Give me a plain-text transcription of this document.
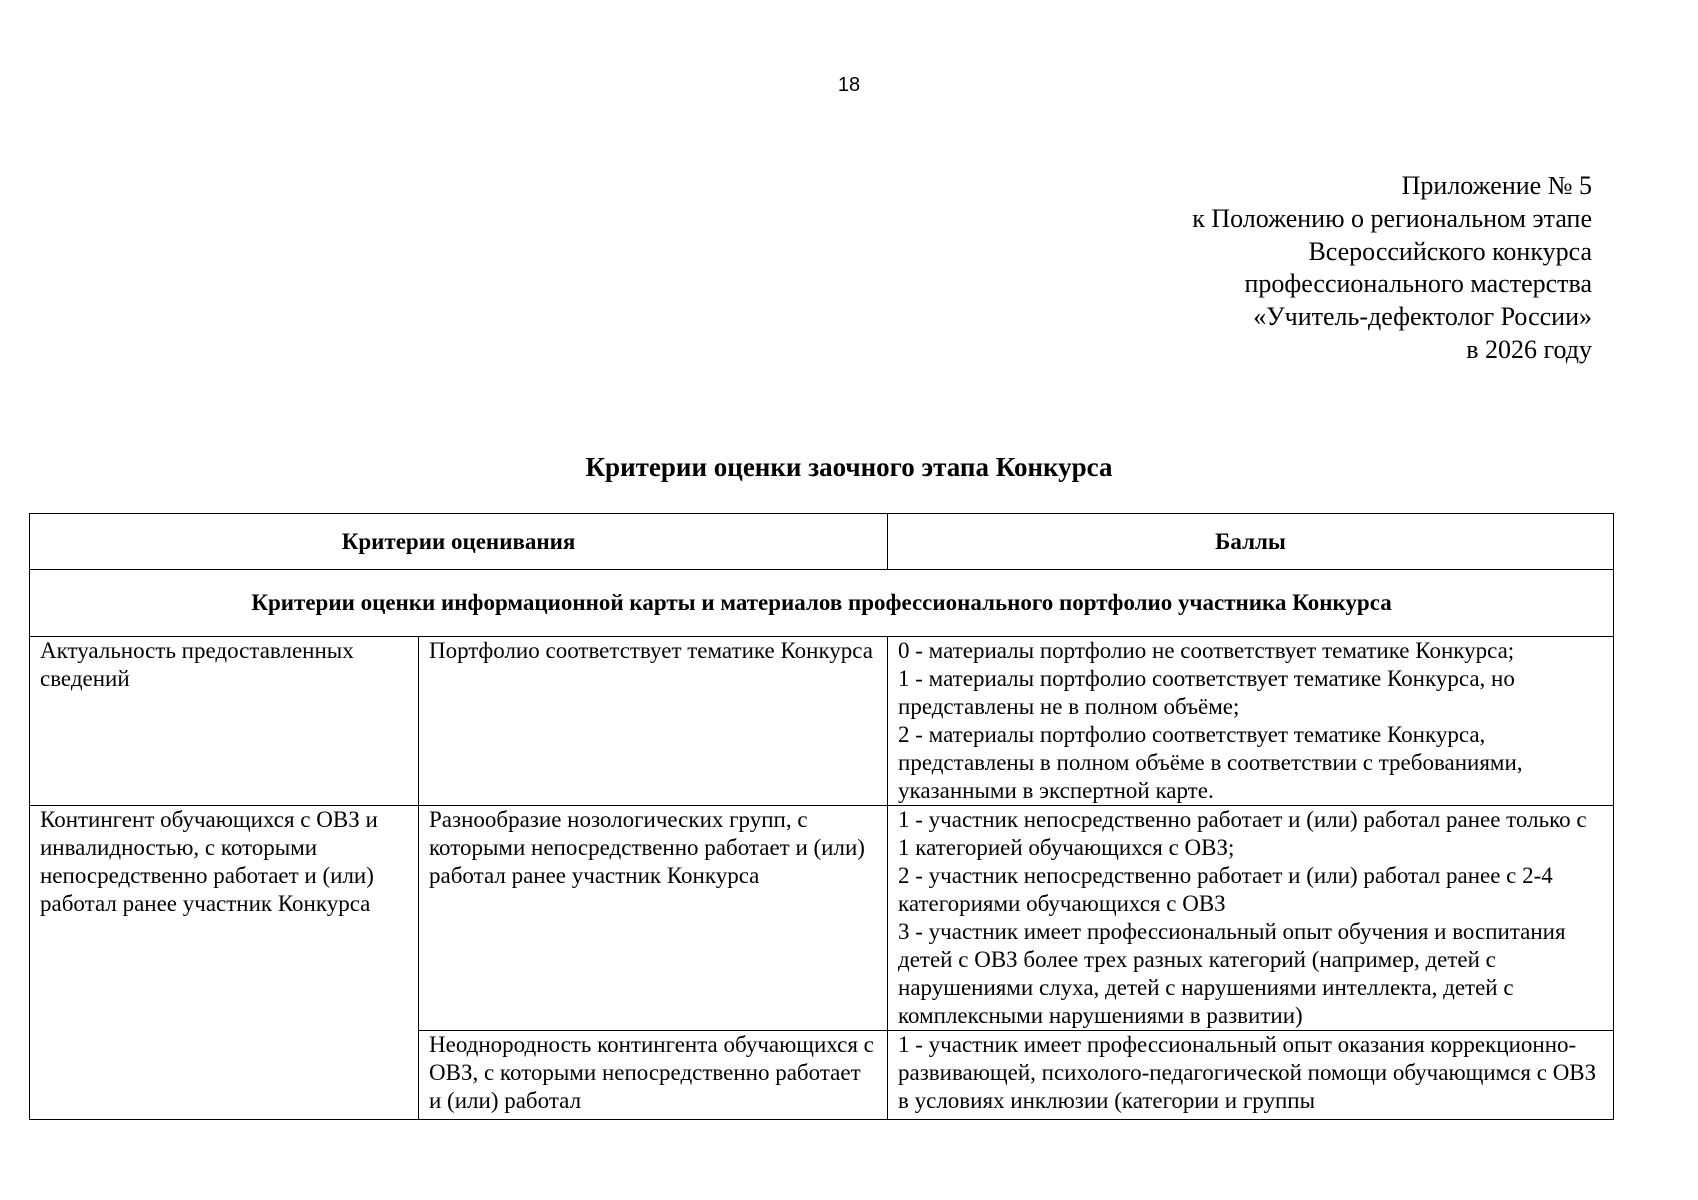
18
Приложение № 5
к Положению о региональном этапе
Всероссийского конкурса
профессионального мастерства
«Учитель-дефектолог России»
в 2026 году
Критерии оценки заочного этапа Конкурса
Критерии оценивания		Баллы
Критерии оценки информационной карты и материалов профессионального портфолио участника Конкурса		
Актуальность предоставленных сведений	Портфолио соответствует тематике Конкурса	0 - материалы портфолио не соответствует тематике Конкурса;
1 - материалы портфолио соответствует тематике Конкурса, но представлены не в полном объёме;
2 - материалы портфолио соответствует тематике Конкурса, представлены в полном объёме в соответствии с требованиями, указанными в экспертной карте.

Контингент обучающихся с ОВЗ и инвалидностью, с которыми непосредственно работает и (или) работал ранее участник Конкурса	Разнообразие нозологических групп, с которыми непосредственно работает и (или) работал ранее участник Конкурса	1 - участник непосредственно работает и (или) работал ранее только с 1 категорией обучающихся с ОВЗ;
2 - участник непосредственно работает и (или) работал ранее с 2-4 категориями обучающихся с ОВЗ
3 - участник имеет профессиональный опыт обучения и воспитания детей с ОВЗ более трех разных категорий (например, детей с нарушениями слуха, детей с нарушениями интеллекта, детей с комплексными нарушениями в развитии)

	Неоднородность контингента обучающихся с ОВЗ, с которыми непосредственно работает и (или) работал	1 - участник имеет профессиональный опыт оказания коррекционно-развивающей, психолого-педагогической помощи обучающимся с ОВЗ в условиях инклюзии (категории и группы
